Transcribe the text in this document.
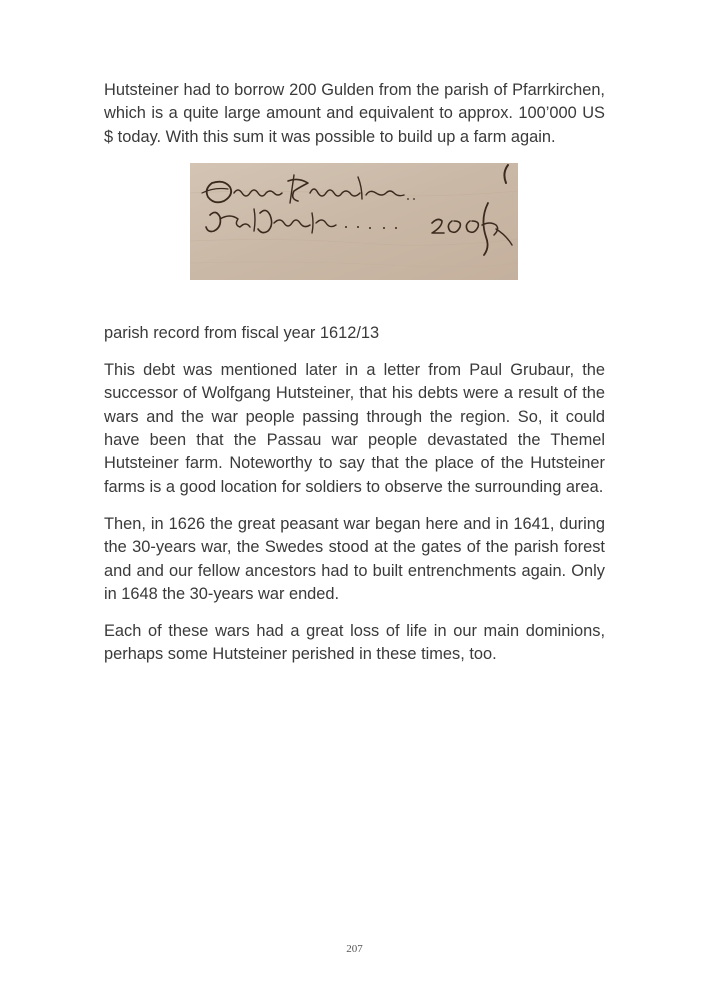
Hutsteiner had to borrow 200 Gulden from the parish of Pfarrkirchen, which is a quite large amount and equivalent to approx. 100’000 US $ today. With this sum it was possible to build up a farm again.

parish record from fiscal year 1612/13

This debt was mentioned later in a letter from Paul Grubaur, the successor of Wolfgang Hutsteiner, that his debts were a result of the wars and the war people passing through the region. So, it could have been that the Passau war people devastated the Themel Hutsteiner farm. Noteworthy to say that the place of the Hutsteiner farms is a good location for soldiers to observe the surrounding area.

Then, in 1626 the great peasant war began here and in 1641, during the 30-years war, the Swedes stood at the gates of the parish forest and and our fellow ancestors had to built entrenchments again. Only in 1648 the 30-years war ended.

Each of these wars had a great loss of life in our main dominions, perhaps some Hutsteiner perished in these times, too.

207
